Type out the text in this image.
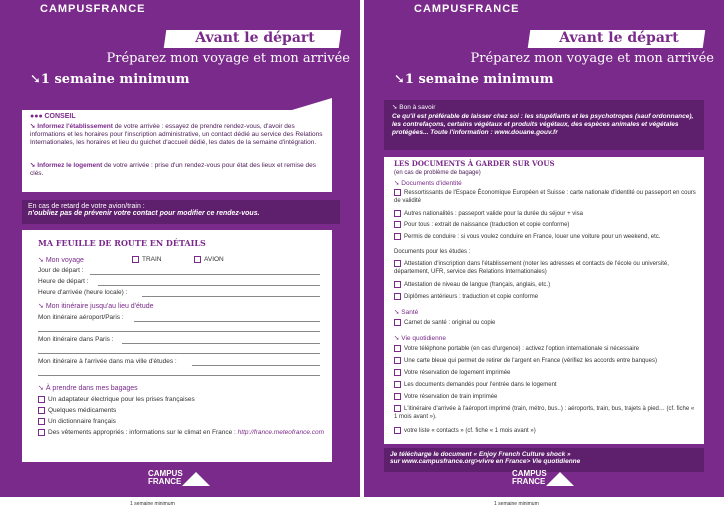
CAMPUSFRANCE
Avant le départ
Préparez mon voyage et mon arrivée
➘1 semaine minimum
●●● CONSEIL
➘ Informez l'établissement de votre arrivée : essayez de prendre rendez-vous, d'avoir des informations et les horaires pour l'inscription administrative, un contact dédié au service des Relations Internationales, les horaires et lieu du guichet d'accueil dédié, les dates de la semaine d'intégration.
➘ Informez le logement de votre arrivée : prise d'un rendez-vous pour état des lieux et remise des clés.
En cas de retard de votre avion/train :
n'oubliez pas de prévenir votre contact pour modifier ce rendez-vous.
MA FEUILLE DE ROUTE EN DÉTAILS
➘ Mon voyage	TRAIN	AVION
Jour de départ :
Heure de départ :
Heure d'arrivée (heure locale) :
➘ Mon itinéraire jusqu'au lieu d'étude
Mon itinéraire aéroport/Paris :
Mon itinéraire dans Paris :
Mon itinéraire à l'arrivée dans ma ville d'études :
➘ À prendre dans mes bagages
Un adaptateur électrique pour les prises françaises
Quelques médicaments
Un dictionnaire français
Des vêtements appropriés : informations sur le climat en France : http://france.meteofrance.com
CAMPUS FRANCE
1 semaine minimum
CAMPUSFRANCE
Avant le départ
Préparez mon voyage et mon arrivée
➘1 semaine minimum
➘ Bon à savoir
Ce qu'il est préférable de laisser chez soi : les stupéfiants et les psychotropes (sauf ordonnance), les contrefaçons, certains végétaux et produits végétaux, des espèces animales et végétales protégées... Toute l'information : www.douane.gouv.fr
LES DOCUMENTS À GARDER SUR VOUS
(en cas de problème de bagage)
➘ Documents d'identité
Ressortissants de l'Espace Économique Européen et Suisse : carte nationale d'identité ou passeport en cours de validité
Autres nationalités : passeport valide pour la durée du séjour + visa
Pour tous : extrait de naissance (traduction et copie conforme)
Permis de conduire : si vous voulez conduire en France, louer une voiture pour un weekend, etc.
Documents pour les études :
Attestation d'inscription dans l'établissement (noter les adresses et contacts de l'école ou université, département, UFR, service des Relations Internationales)
Attestation de niveau de langue (français, anglais, etc.)
Diplômes antérieurs : traduction et copie conforme
➘ Santé
Carnet de santé : original ou copie
➘ Vie quotidienne
Votre téléphone portable (en cas d'urgence) : activez l'option internationale si nécessaire
Une carte bleue qui permet de retirer de l'argent en France (vérifiez les accords entre banques)
Votre réservation de logement imprimée
Les documents demandés pour l'entrée dans le logement
Votre réservation de train imprimée
L'itinéraire d'arrivée à l'aéroport imprimé (train, métro, bus..) : aéroports, train, bus, trajets à pied… (cf. fiche « 1 mois avant »).
votre liste « contacts » (cf. fiche « 1 mois avant »)
Je télécharge le document « Enjoy French Culture shock »
sur www.campusfrance.org>vivre en France> Vie quotidienne
CAMPUS FRANCE
1 semaine minimum
